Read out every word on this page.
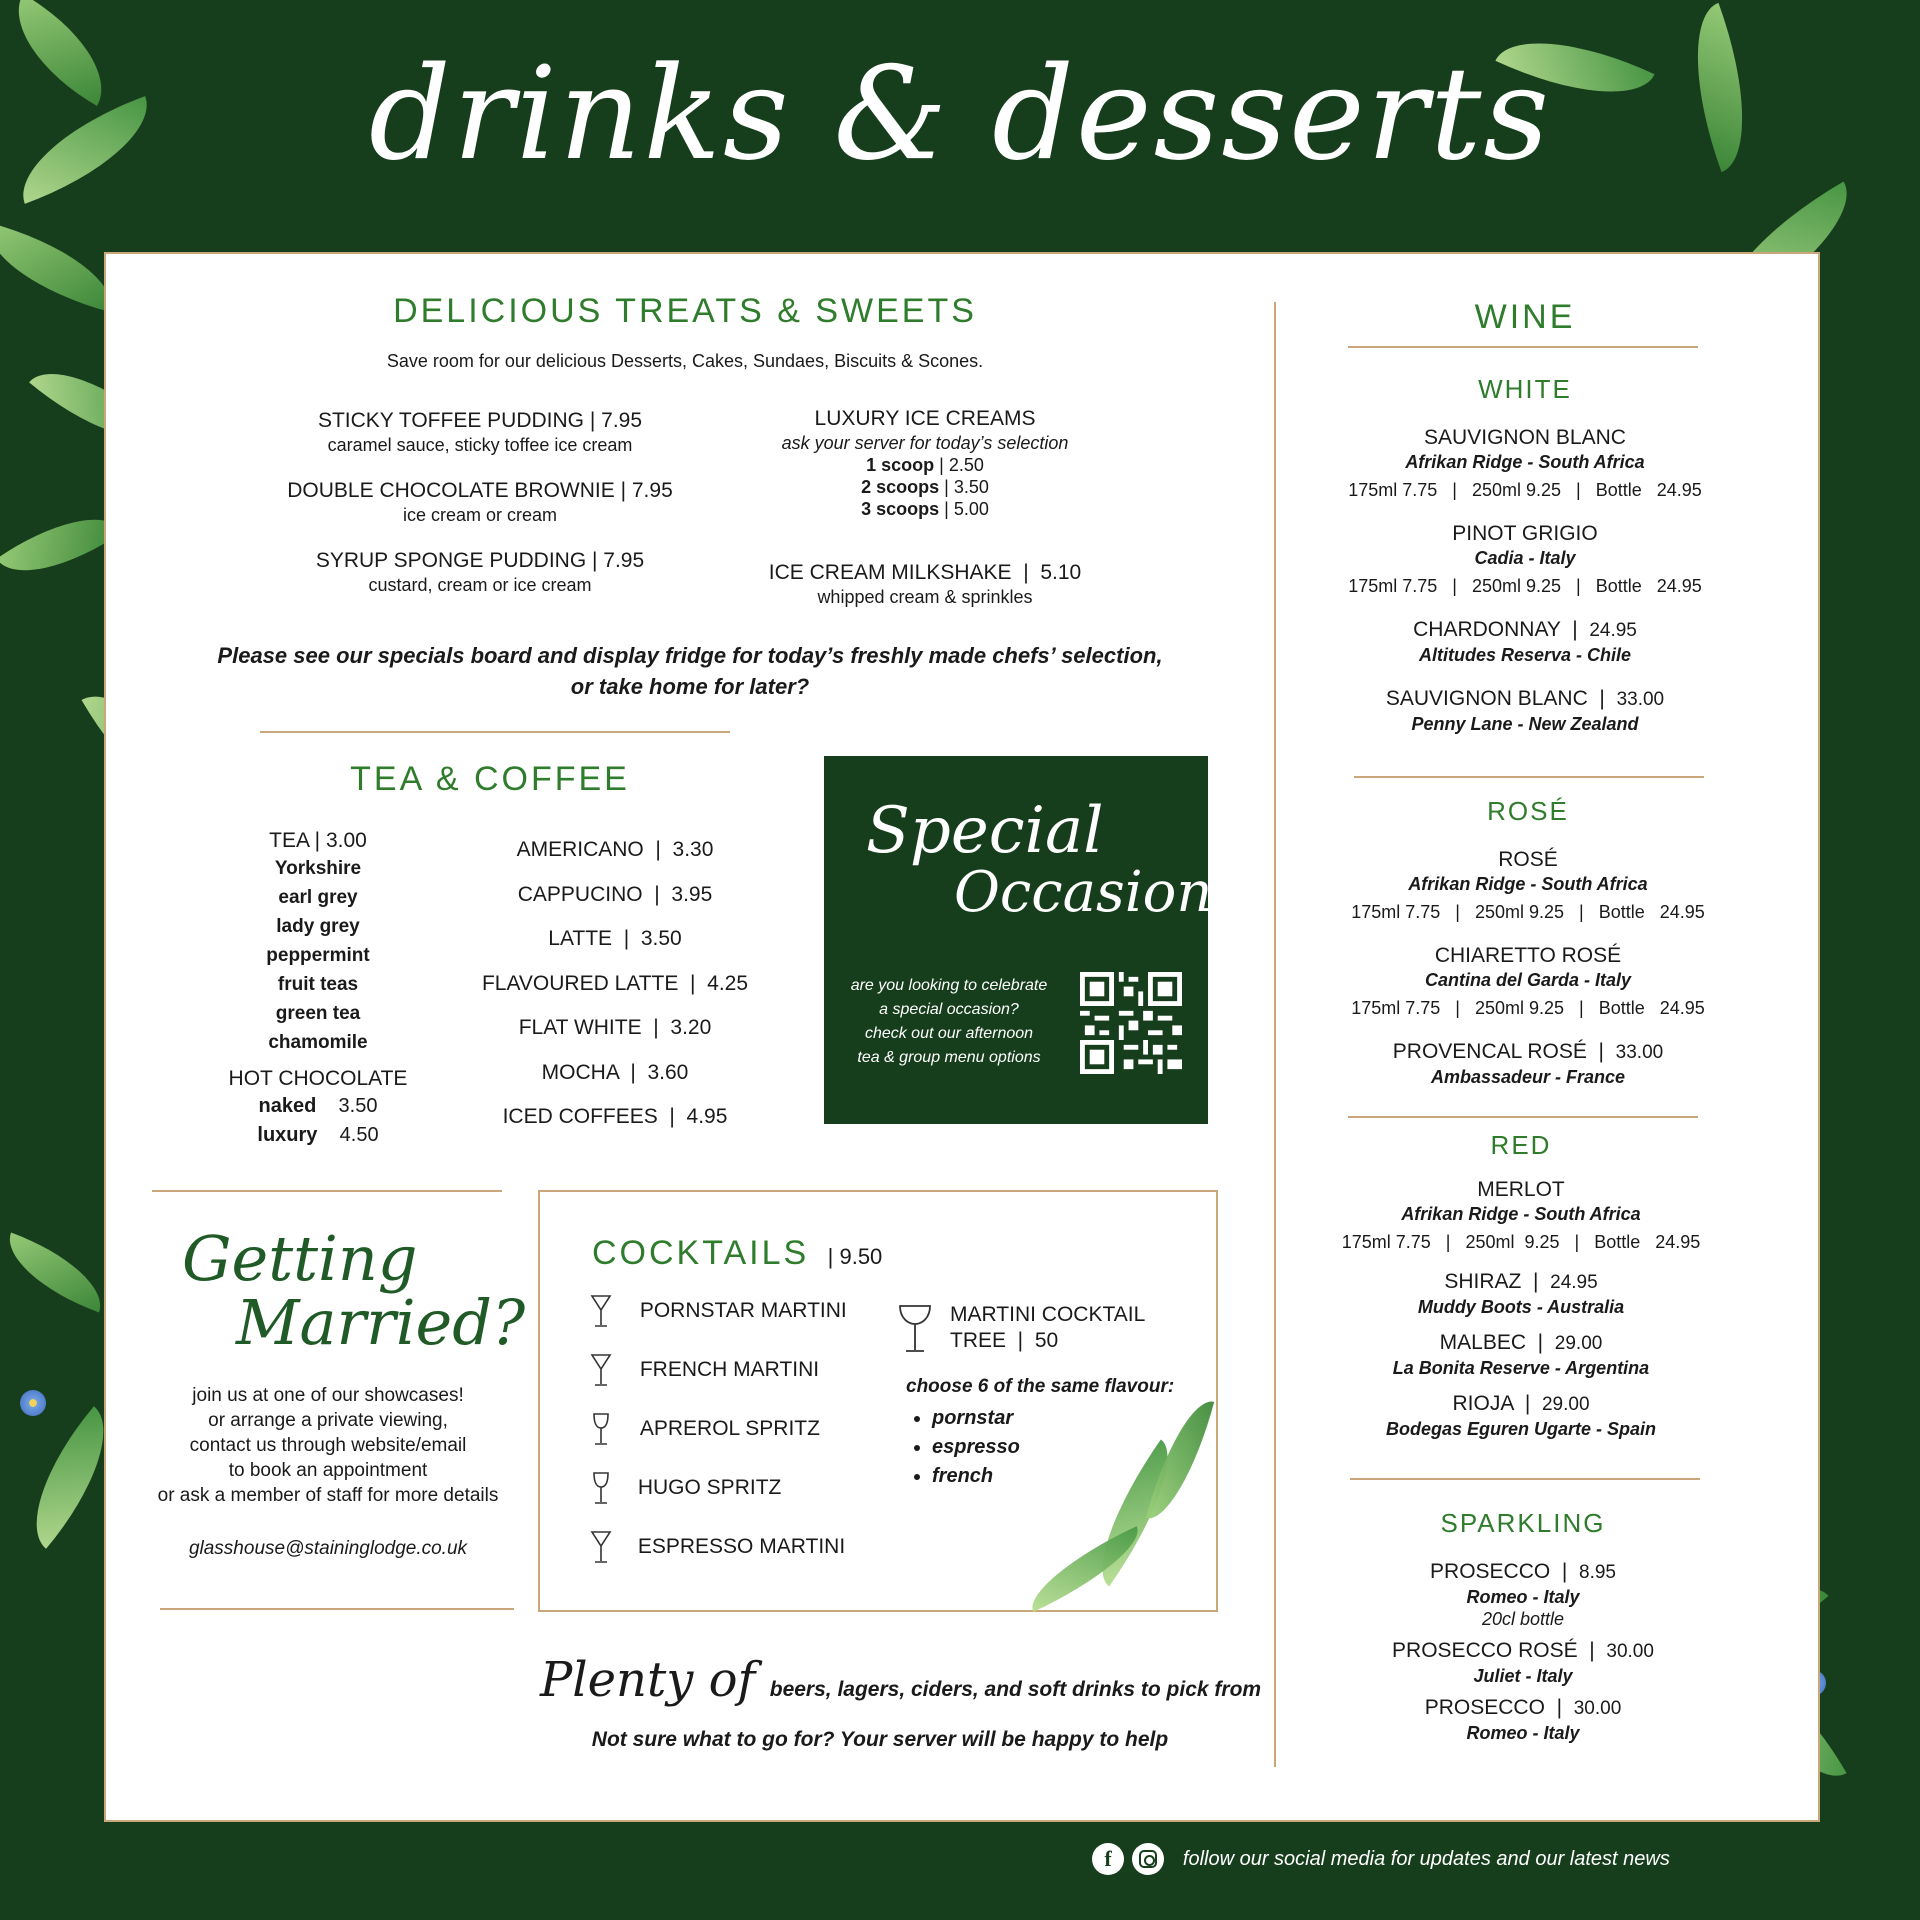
drinks & desserts
DELICIOUS TREATS & SWEETS
Save room for our delicious Desserts, Cakes, Sundaes, Biscuits & Scones.
STICKY TOFFEE PUDDING | 7.95
caramel sauce, sticky toffee ice cream
DOUBLE CHOCOLATE BROWNIE | 7.95
ice cream or cream
SYRUP SPONGE PUDDING | 7.95
custard, cream or ice cream
LUXURY ICE CREAMS
ask your server for today’s selection
1 scoop | 2.50
2 scoops | 3.50
3 scoops | 5.00
ICE CREAM MILKSHAKE  |  5.10
whipped cream & sprinkles
Please see our specials board and display fridge for today’s freshly made chefs’ selection,
or take home for later?
TEA & COFFEE
TEA | 3.00
Yorkshire
earl grey
lady grey
peppermint
fruit teas
green tea
chamomile
HOT CHOCOLATE
naked 3.50
luxury 4.50
AMERICANO  |  3.30
CAPPUCINO  |  3.95
LATTE  |  3.50
FLAVOURED LATTE  |  4.25
FLAT WHITE  |  3.20
MOCHA  |  3.60
ICED COFFEES  |  4.95
Special
Occasions
are you looking to celebrate
a special occasion?
check out our afternoon
tea & group menu options
Getting
Married?
join us at one of our showcases!
or arrange a private viewing,
contact us through website/email
to book an appointment
or ask a member of staff for more details
glasshouse@staininglodge.co.uk
COCKTAILS | 9.50
PORNSTAR MARTINI
FRENCH MARTINI
APREROL SPRITZ
HUGO SPRITZ
ESPRESSO MARTINI
MARTINI COCKTAIL
TREE  |  50
choose 6 of the same flavour:
• pornstar
• espresso
• french
Plenty of beers, lagers, ciders, and soft drinks to pick from
Not sure what to go for? Your server will be happy to help
WINE
WHITE
SAUVIGNON BLANC
Afrikan Ridge - South Africa
175ml 7.75   |   250ml 9.25   |   Bottle   24.95
PINOT GRIGIO
Cadia - Italy
175ml 7.75   |   250ml 9.25   |   Bottle   24.95
CHARDONNAY  |  24.95
Altitudes Reserva - Chile
SAUVIGNON BLANC  |  33.00
Penny Lane - New Zealand
ROSÉ
ROSÉ
Afrikan Ridge - South Africa
175ml 7.75   |   250ml 9.25   |   Bottle   24.95
CHIARETTO ROSÉ
Cantina del Garda - Italy
175ml 7.75   |   250ml 9.25   |   Bottle   24.95
PROVENCAL ROSÉ  |  33.00
Ambassadeur - France
RED
MERLOT
Afrikan Ridge - South Africa
175ml 7.75   |   250ml  9.25   |   Bottle   24.95
SHIRAZ  |  24.95
Muddy Boots - Australia
MALBEC  |  29.00
La Bonita Reserve - Argentina
RIOJA  |  29.00
Bodegas Eguren Ugarte - Spain
SPARKLING
PROSECCO  |  8.95
Romeo - Italy
20cl bottle
PROSECCO ROSÉ  |  30.00
Juliet - Italy
PROSECCO  |  30.00
Romeo - Italy
f	follow our social media for updates and our latest news
